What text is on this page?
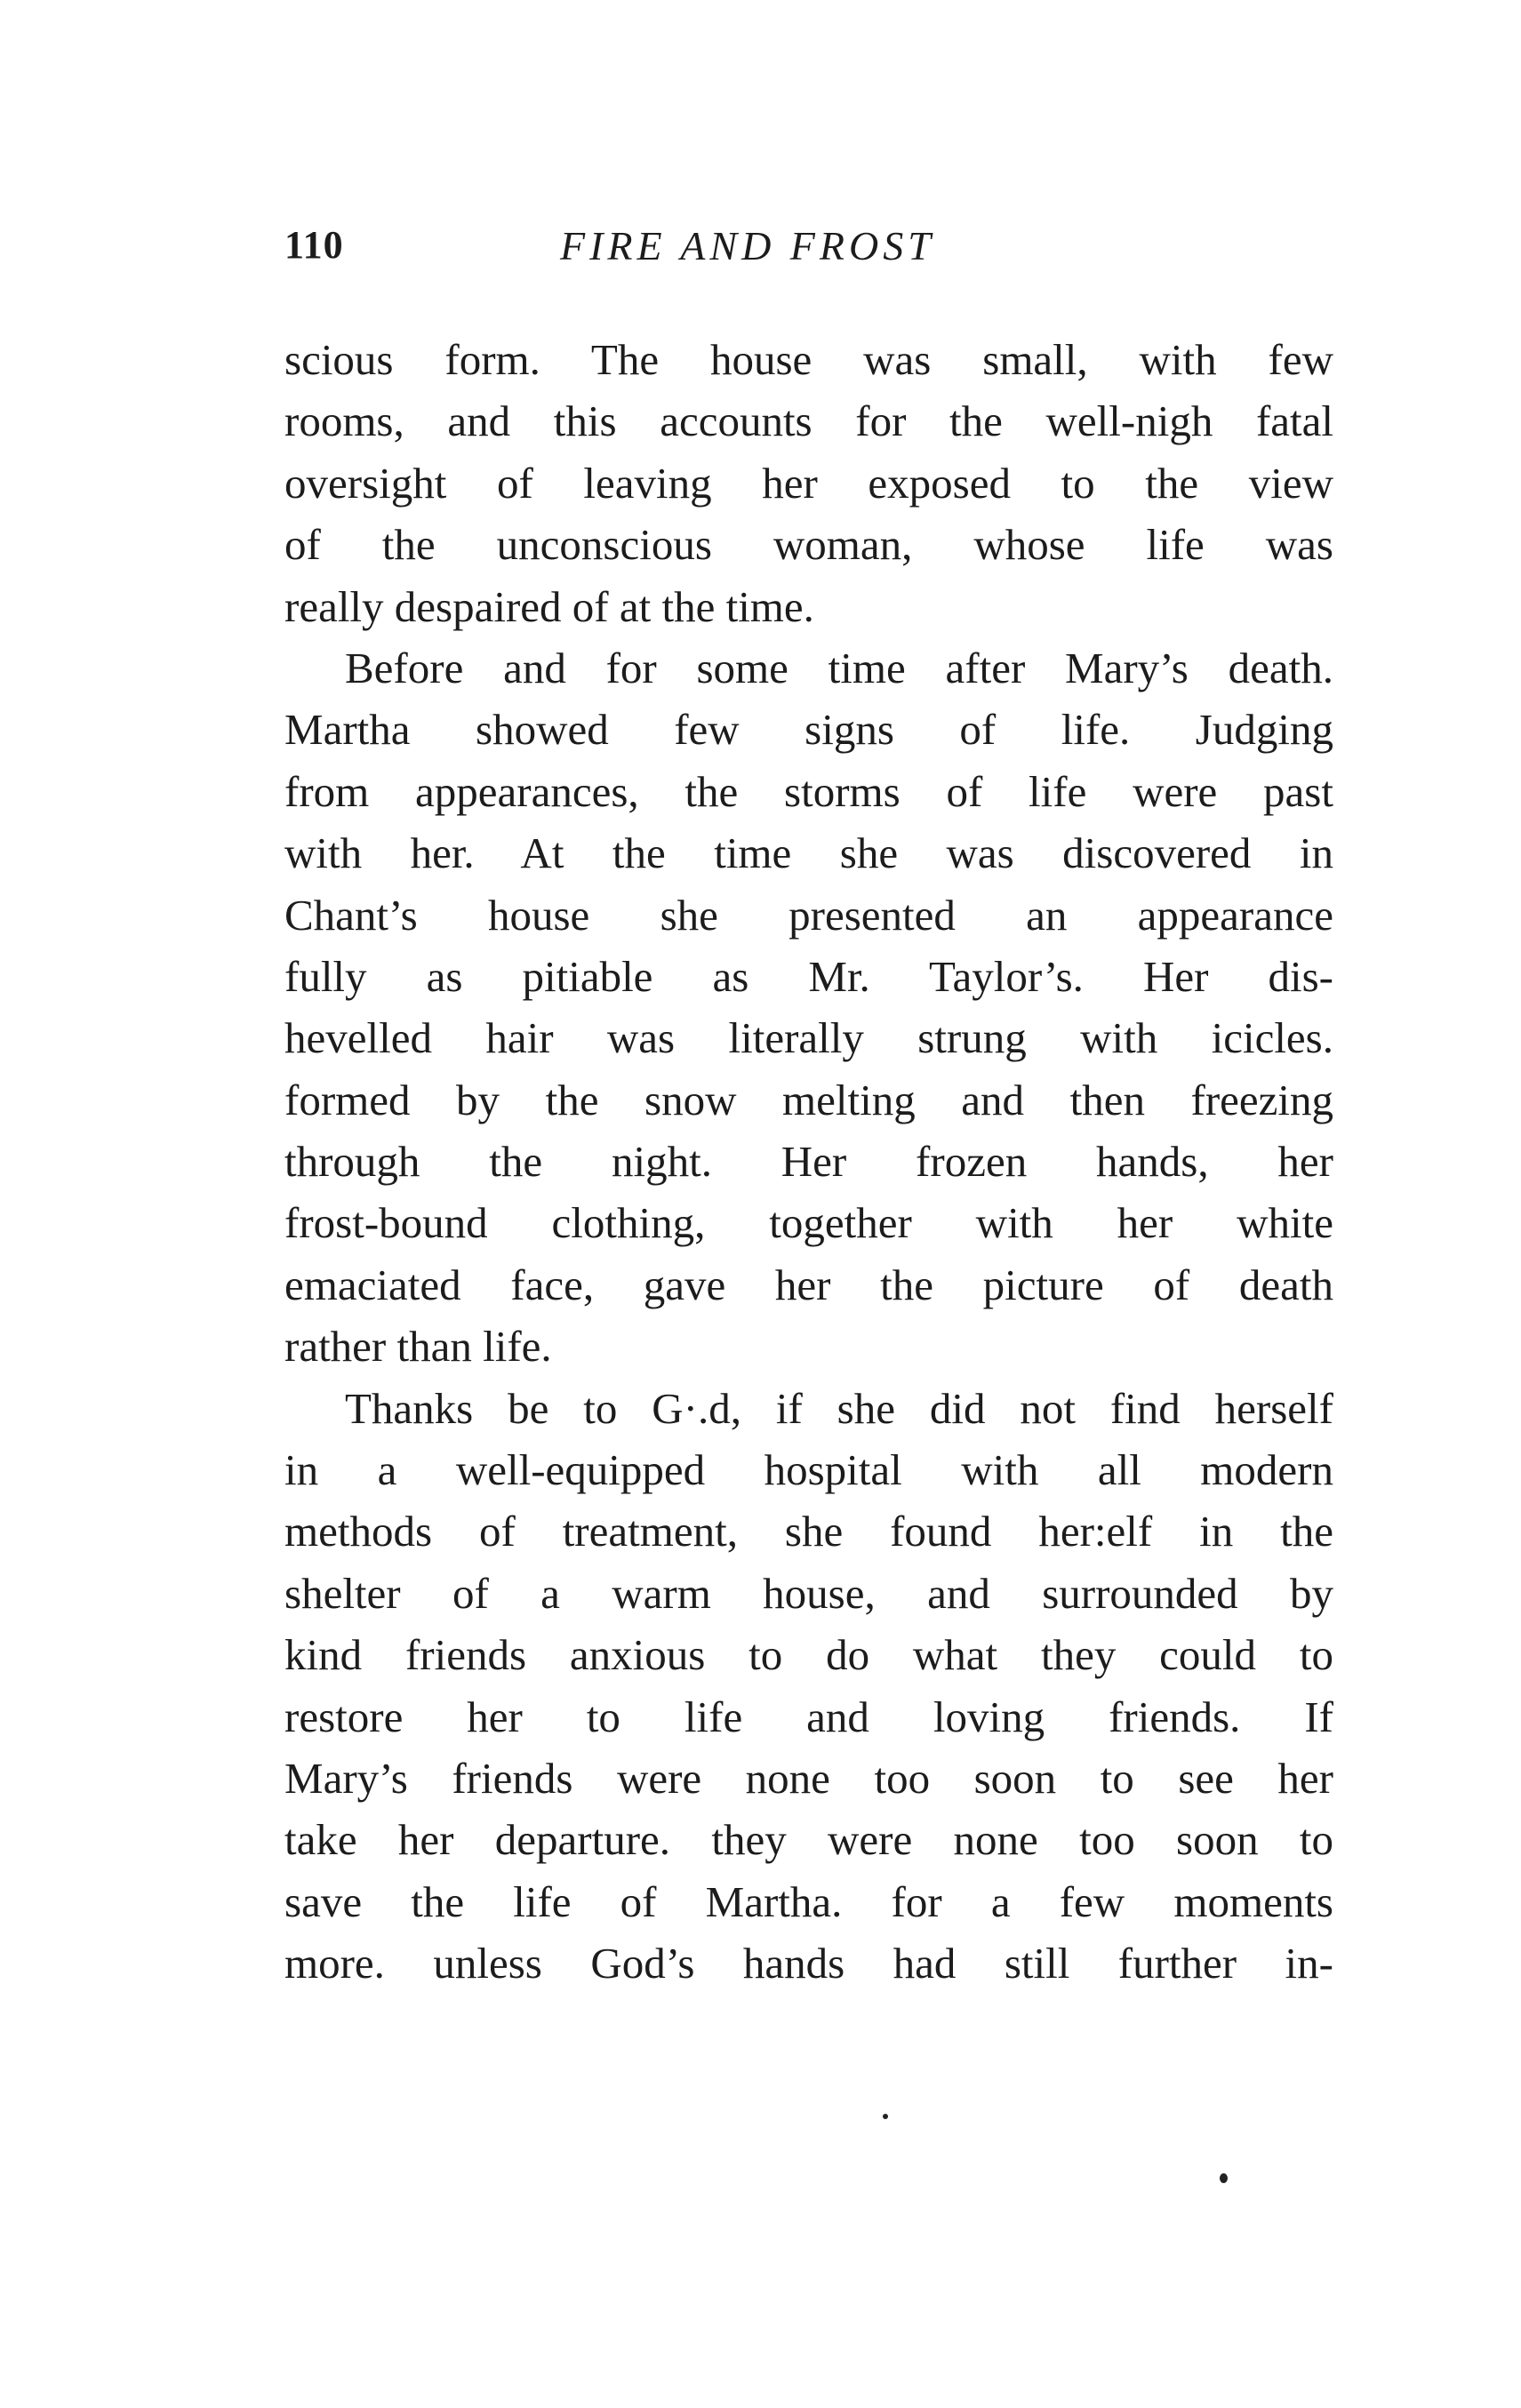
110	FIRE AND FROST
scious form. The house was small, with few
rooms, and this accounts for the well-nigh fatal
oversight of leaving her exposed to the view
of the unconscious woman, whose life was
really despaired of at the time.
Before and for some time after Mary’s death.
Martha showed few signs of life. Judging
from appearances, the storms of life were past
with her. At the time she was discovered in
Chant’s house she presented an appearance
fully as pitiable as Mr. Taylor’s. Her dis-
hevelled hair was literally strung with icicles.
formed by the snow melting and then freezing
through the night. Her frozen hands, her
frost-bound clothing, together with her white
emaciated face, gave her the picture of death
rather than life.
Thanks be to G·.d, if she did not find herself
in a well-equipped hospital with all modern
methods of treatment, she found her:elf in the
shelter of a warm house, and surrounded by
kind friends anxious to do what they could to
restore her to life and loving friends. If
Mary’s friends were none too soon to see her
take her departure. they were none too soon to
save the life of Martha. for a few moments
more. unless God’s hands had still further in-
